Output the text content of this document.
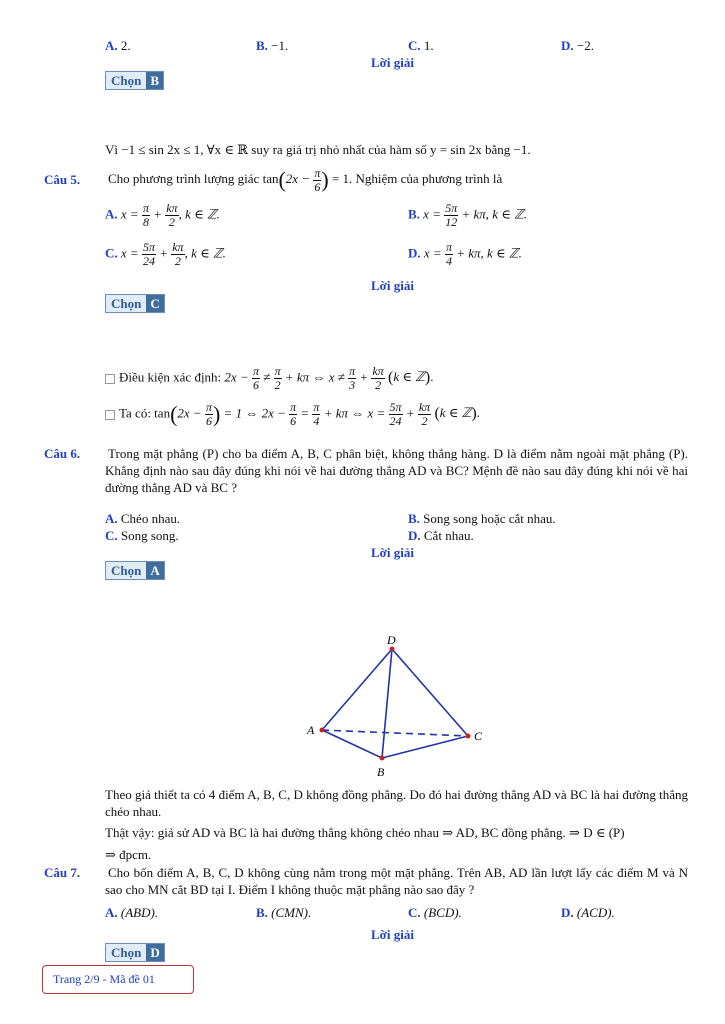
A. 2.	B. −1.	C. 1.	D. −2.
Lời giải
Chọn B
Vì −1 ≤ sin 2x ≤ 1, ∀x ∈ ℝ suy ra giá trị nhỏ nhất của hàm số y = sin 2x bằng −1.
Câu 5. Cho phương trình lượng giác $\tan(2x - \frac{\pi}{6}$ ) = 1. Nghiệm của phương trình là
A. $x = \frac{\pi}{8} + \frac{k\pi}{2}$ , k ∈ ℤ.	B. $x = \frac{5\pi}{12} + k\pi$, k ∈ ℤ.
C. $x = \frac{5\pi}{24} + \frac{k\pi}{2}$ , k ∈ ℤ.	D. $x = \frac{\pi}{4} + k\pi$, k ∈ ℤ.
Lời giải
Chọn C
Điều kiện xác định: $2x - \frac{\pi}{6} \ne \frac{\pi}{2} + k\pi$ ⇔ $x \ne \frac{\pi}{3} + \frac{k\pi}{2} (k$ ∈ ℤ).
Ta có: $\tan(2x - \frac{\pi}{6}$ ) = 1 ⇔ $2x - \frac{\pi}{6} = \frac{\pi}{4} + k\pi$ ⇔ $x = \frac{5\pi}{24} + \frac{k\pi}{2} (k$ ∈ ℤ).
Câu 6. Trong mặt phẳng (P) cho ba điểm A, B, C phân biệt, không thẳng hàng. D là điểm nằm ngoài mặt phẳng (P). Khẳng định nào sau đây đúng khi nói về hai đường thẳng AD và BC? Mệnh đề nào sau đây đúng khi nói về hai đường thẳng AD và BC ?
A. Chéo nhau.	B. Song song hoặc cắt nhau.
C. Song song.	D. Cắt nhau.
Lời giải
Chọn A
D
A	C
B
Theo giả thiết ta có 4 điểm A, B, C, D không đồng phẳng. Do đó hai đường thẳng AD và BC là hai đường thẳng chéo nhau.
Thật vậy: giả sử AD và BC là hai đường thẳng không chéo nhau ⇒ AD, BC đồng phẳng. ⇒ D ∈ (P)
⇒ đpcm.
Câu 7. Cho bốn điểm A, B, C, D không cùng nằm trong một mặt phẳng. Trên AB, AD lần lượt lấy các điểm M và N sao cho MN cắt BD tại I. Điểm I không thuộc mặt phẳng nào sao đây ?
A. (ABD).	B. (CMN).	C. (BCD).	D. (ACD).
Lời giải
Chọn D
Trang 2/9 - Mã đề 01
